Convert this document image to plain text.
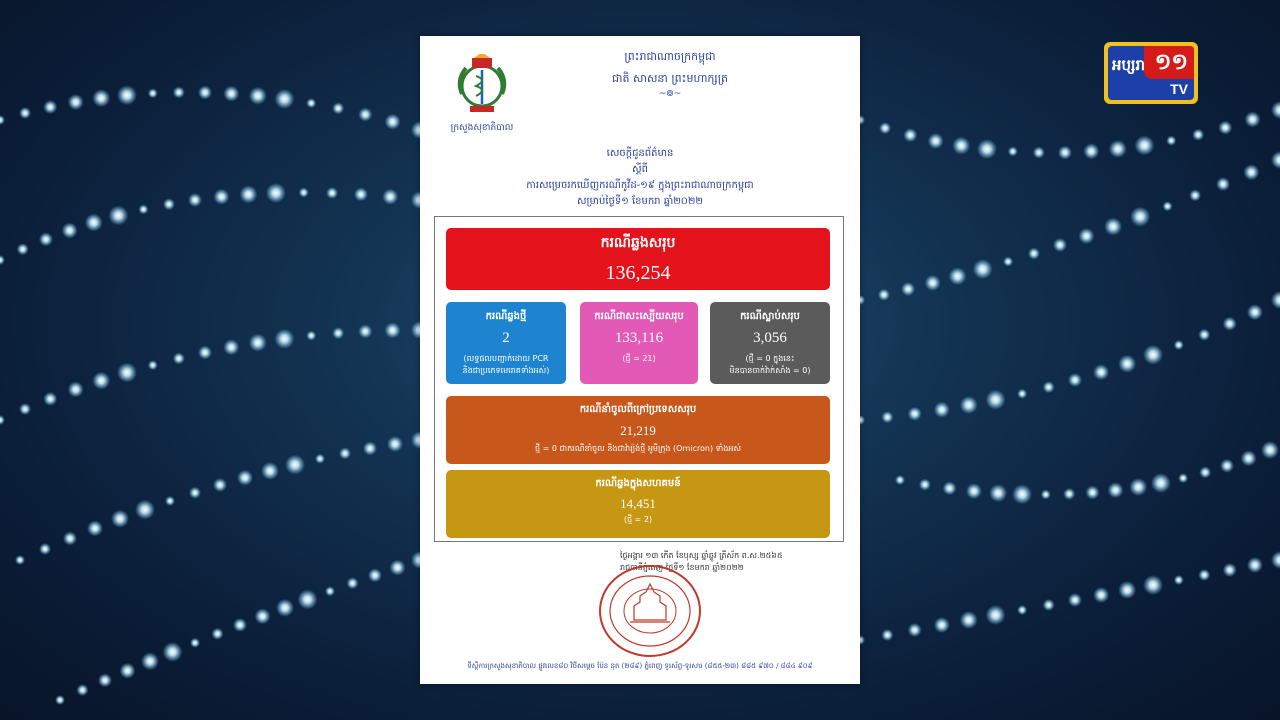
អប្សរា ១១
TV
ព្រះរាជាណាចក្រកម្ពុជា
ជាតិ សាសនា ព្រះមហាក្សត្រ
~៙~
ក្រសួងសុខាភិបាល
សេចក្តីជូនព័ត៌មាន
ស្តីពី
ការសម្រេចរកឃើញករណីកូវីដ-១៩ ក្នុងព្រះរាជាណាចក្រកម្ពុជា
សម្រាប់ថ្ងៃទី១ ខែមករា ឆ្នាំ២០២២
ករណីឆ្លងសរុប
136,254
ករណីឆ្លងថ្មី
2
(លទ្ធផលបញ្ជាក់ដោយ PCR
និងជាប្រភេទមេរោគទាំងអស់)
ករណីជាសះស្បើយសរុប
133,116
(ថ្មី = 21)
ករណីស្លាប់សរុប
3,056
(ថ្មី = 0 ក្នុងនេះ
មិនបានចាក់វ៉ាក់សាំង = 0)
ករណីនាំចូលពីក្រៅប្រទេសសរុប
21,219
ថ្មី = 0 ជាករណីនាំចូល និងជាវ៉ារ្យ៉ង់ថ្មី អូមីក្រុង (Omicron) ទាំងអស់
ករណីឆ្លងក្នុងសហគមន៍
14,451
(ថ្មី = 2)
ថ្ងៃអង្គារ ១៣ កើត ខែបុស្ស ឆ្នាំឆ្លូវ ត្រីស័ក ព.ស.២៥៦៥
រាជធានីភ្នំពេញ ថ្ងៃទី១ ខែមករា ឆ្នាំ២០២២
ទីស្តីការក្រសួងសុខាភិបាល ផ្លូវលេខ៨០ វិថីសម្តេច ប៉ែន នុត (២៨៩) ភ្នំពេញ ទូរស័ព្ទ-ទូរសារ (៨៥៥-២៣) ៨៨៥ ៩៧០ / ៨៨៤ ៩០៩
